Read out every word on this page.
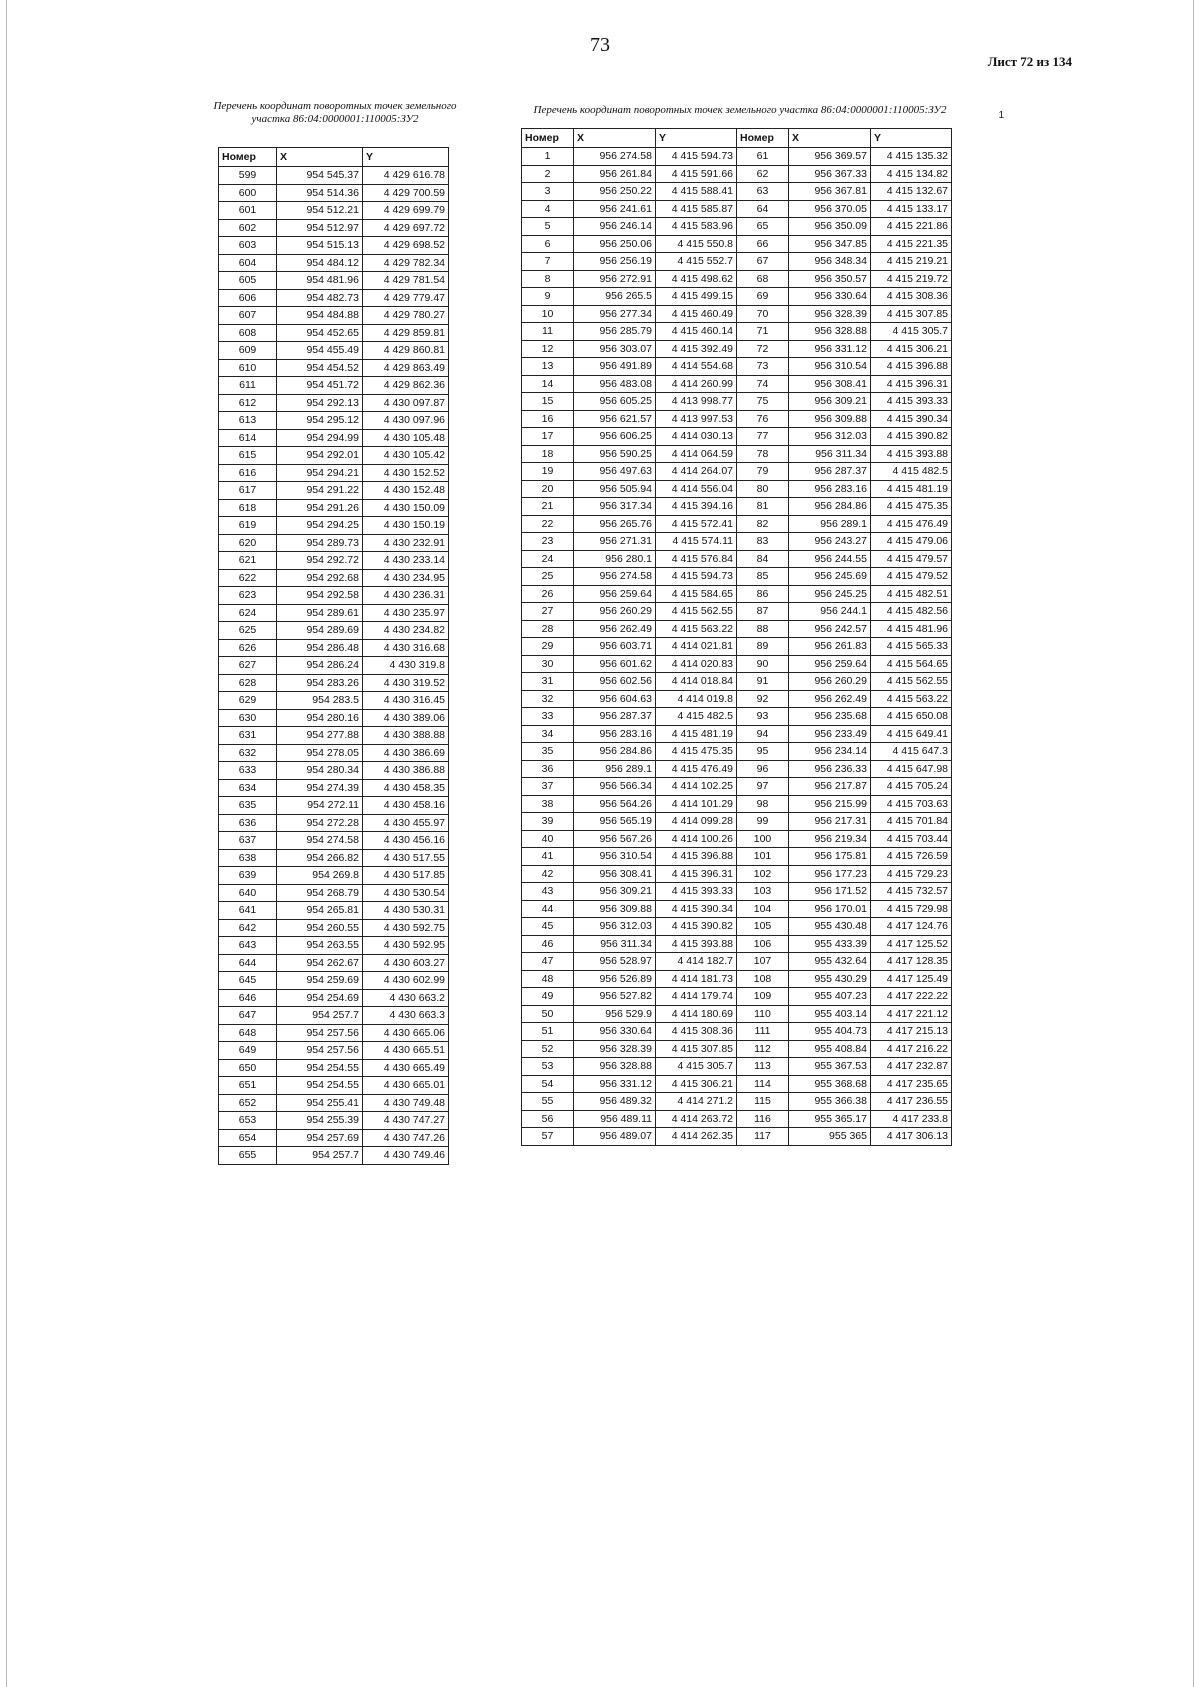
73
Лист 72 из 134
1
Перечень координат поворотных точек земельного участка 86:04:0000001:110005:ЗУ2
Перечень координат поворотных точек земельного участка 86:04:0000001:110005:ЗУ2
Номер	X	Y
599	954 545.37	4 429 616.78
600	954 514.36	4 429 700.59
601	954 512.21	4 429 699.79
602	954 512.97	4 429 697.72
603	954 515.13	4 429 698.52
604	954 484.12	4 429 782.34
605	954 481.96	4 429 781.54
606	954 482.73	4 429 779.47
607	954 484.88	4 429 780.27
608	954 452.65	4 429 859.81
609	954 455.49	4 429 860.81
610	954 454.52	4 429 863.49
611	954 451.72	4 429 862.36
612	954 292.13	4 430 097.87
613	954 295.12	4 430 097.96
614	954 294.99	4 430 105.48
615	954 292.01	4 430 105.42
616	954 294.21	4 430 152.52
617	954 291.22	4 430 152.48
618	954 291.26	4 430 150.09
619	954 294.25	4 430 150.19
620	954 289.73	4 430 232.91
621	954 292.72	4 430 233.14
622	954 292.68	4 430 234.95
623	954 292.58	4 430 236.31
624	954 289.61	4 430 235.97
625	954 289.69	4 430 234.82
626	954 286.48	4 430 316.68
627	954 286.24	4 430 319.8
628	954 283.26	4 430 319.52
629	954 283.5	4 430 316.45
630	954 280.16	4 430 389.06
631	954 277.88	4 430 388.88
632	954 278.05	4 430 386.69
633	954 280.34	4 430 386.88
634	954 274.39	4 430 458.35
635	954 272.11	4 430 458.16
636	954 272.28	4 430 455.97
637	954 274.58	4 430 456.16
638	954 266.82	4 430 517.55
639	954 269.8	4 430 517.85
640	954 268.79	4 430 530.54
641	954 265.81	4 430 530.31
642	954 260.55	4 430 592.75
643	954 263.55	4 430 592.95
644	954 262.67	4 430 603.27
645	954 259.69	4 430 602.99
646	954 254.69	4 430 663.2
647	954 257.7	4 430 663.3
648	954 257.56	4 430 665.06
649	954 257.56	4 430 665.51
650	954 254.55	4 430 665.49
651	954 254.55	4 430 665.01
652	954 255.41	4 430 749.48
653	954 255.39	4 430 747.27
654	954 257.69	4 430 747.26
655	954 257.7	4 430 749.46
Номер	X	Y	Номер	X	Y
1	956 274.58	4 415 594.73	61	956 369.57	4 415 135.32
2	956 261.84	4 415 591.66	62	956 367.33	4 415 134.82
3	956 250.22	4 415 588.41	63	956 367.81	4 415 132.67
4	956 241.61	4 415 585.87	64	956 370.05	4 415 133.17
5	956 246.14	4 415 583.96	65	956 350.09	4 415 221.86
6	956 250.06	4 415 550.8	66	956 347.85	4 415 221.35
7	956 256.19	4 415 552.7	67	956 348.34	4 415 219.21
8	956 272.91	4 415 498.62	68	956 350.57	4 415 219.72
9	956 265.5	4 415 499.15	69	956 330.64	4 415 308.36
10	956 277.34	4 415 460.49	70	956 328.39	4 415 307.85
11	956 285.79	4 415 460.14	71	956 328.88	4 415 305.7
12	956 303.07	4 415 392.49	72	956 331.12	4 415 306.21
13	956 491.89	4 414 554.68	73	956 310.54	4 415 396.88
14	956 483.08	4 414 260.99	74	956 308.41	4 415 396.31
15	956 605.25	4 413 998.77	75	956 309.21	4 415 393.33
16	956 621.57	4 413 997.53	76	956 309.88	4 415 390.34
17	956 606.25	4 414 030.13	77	956 312.03	4 415 390.82
18	956 590.25	4 414 064.59	78	956 311.34	4 415 393.88
19	956 497.63	4 414 264.07	79	956 287.37	4 415 482.5
20	956 505.94	4 414 556.04	80	956 283.16	4 415 481.19
21	956 317.34	4 415 394.16	81	956 284.86	4 415 475.35
22	956 265.76	4 415 572.41	82	956 289.1	4 415 476.49
23	956 271.31	4 415 574.11	83	956 243.27	4 415 479.06
24	956 280.1	4 415 576.84	84	956 244.55	4 415 479.57
25	956 274.58	4 415 594.73	85	956 245.69	4 415 479.52
26	956 259.64	4 415 584.65	86	956 245.25	4 415 482.51
27	956 260.29	4 415 562.55	87	956 244.1	4 415 482.56
28	956 262.49	4 415 563.22	88	956 242.57	4 415 481.96
29	956 603.71	4 414 021.81	89	956 261.83	4 415 565.33
30	956 601.62	4 414 020.83	90	956 259.64	4 415 564.65
31	956 602.56	4 414 018.84	91	956 260.29	4 415 562.55
32	956 604.63	4 414 019.8	92	956 262.49	4 415 563.22
33	956 287.37	4 415 482.5	93	956 235.68	4 415 650.08
34	956 283.16	4 415 481.19	94	956 233.49	4 415 649.41
35	956 284.86	4 415 475.35	95	956 234.14	4 415 647.3
36	956 289.1	4 415 476.49	96	956 236.33	4 415 647.98
37	956 566.34	4 414 102.25	97	956 217.87	4 415 705.24
38	956 564.26	4 414 101.29	98	956 215.99	4 415 703.63
39	956 565.19	4 414 099.28	99	956 217.31	4 415 701.84
40	956 567.26	4 414 100.26	100	956 219.34	4 415 703.44
41	956 310.54	4 415 396.88	101	956 175.81	4 415 726.59
42	956 308.41	4 415 396.31	102	956 177.23	4 415 729.23
43	956 309.21	4 415 393.33	103	956 171.52	4 415 732.57
44	956 309.88	4 415 390.34	104	956 170.01	4 415 729.98
45	956 312.03	4 415 390.82	105	955 430.48	4 417 124.76
46	956 311.34	4 415 393.88	106	955 433.39	4 417 125.52
47	956 528.97	4 414 182.7	107	955 432.64	4 417 128.35
48	956 526.89	4 414 181.73	108	955 430.29	4 417 125.49
49	956 527.82	4 414 179.74	109	955 407.23	4 417 222.22
50	956 529.9	4 414 180.69	110	955 403.14	4 417 221.12
51	956 330.64	4 415 308.36	111	955 404.73	4 417 215.13
52	956 328.39	4 415 307.85	112	955 408.84	4 417 216.22
53	956 328.88	4 415 305.7	113	955 367.53	4 417 232.87
54	956 331.12	4 415 306.21	114	955 368.68	4 417 235.65
55	956 489.32	4 414 271.2	115	955 366.38	4 417 236.55
56	956 489.11	4 414 263.72	116	955 365.17	4 417 233.8
57	956 489.07	4 414 262.35	117	955 365	4 417 306.13
